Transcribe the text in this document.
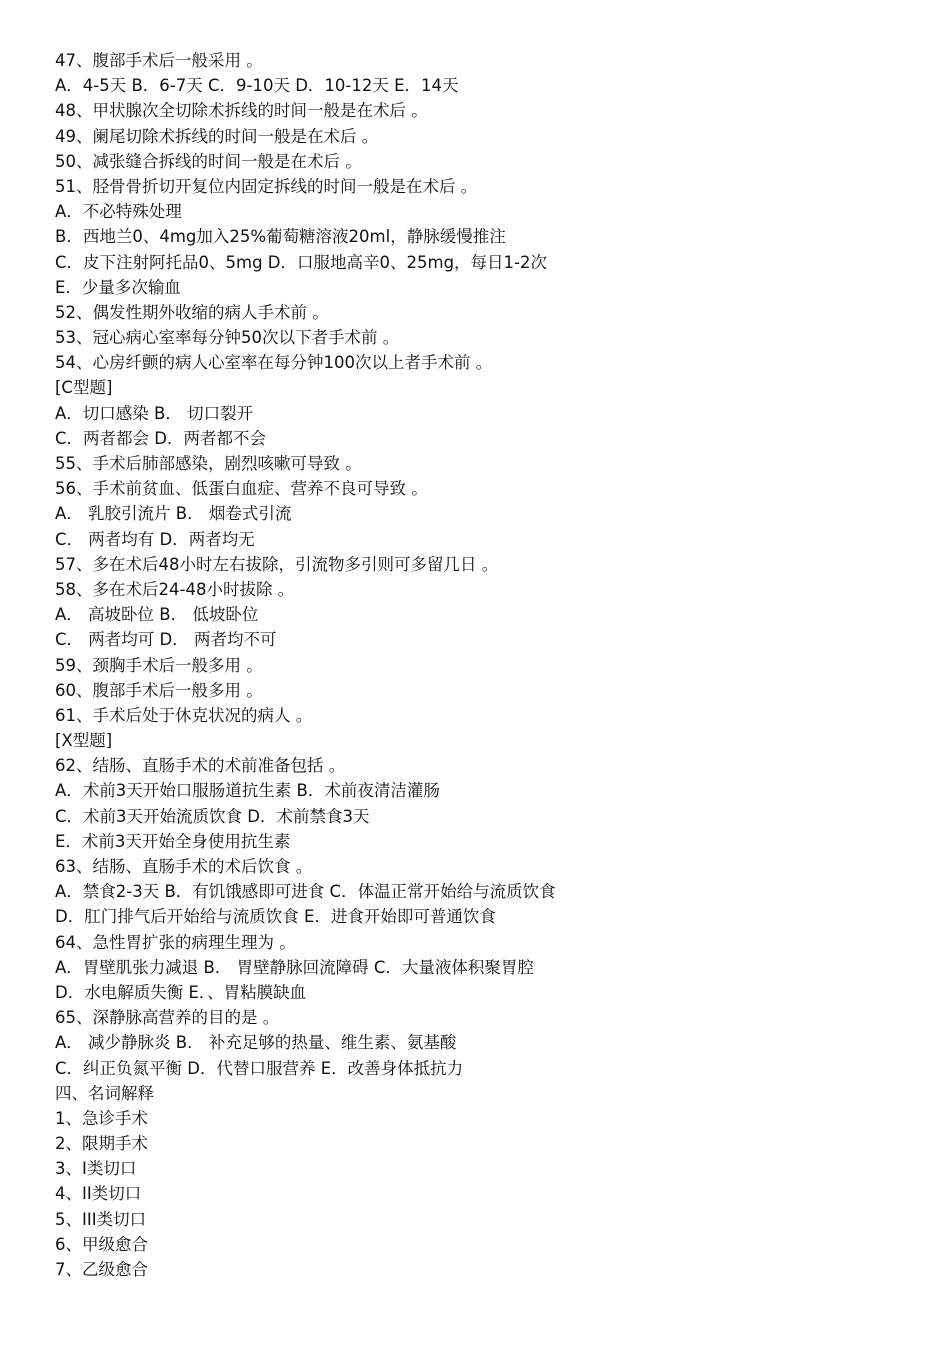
47、腹部手术后一般采用 。
A．4-5天 B．6-7天 C．9-10天 D．10-12天 E．14天
48、甲状腺次全切除术拆线的时间一般是在术后 。
49、阑尾切除术拆线的时间一般是在术后 。
50、减张缝合拆线的时间一般是在术后 。
51、胫骨骨折切开复位内固定拆线的时间一般是在术后 。
A．不必特殊处理
B．西地兰0、4mg加入25%葡萄糖溶液20ml，静脉缓慢推注
C．皮下注射阿托品0、5mg D．口服地高辛0、25mg，每日1-2次
E．少量多次输血
52、偶发性期外收缩的病人手术前 。
53、冠心病心室率每分钟50次以下者手术前 。
54、心房纤颤的病人心室率在每分钟100次以上者手术前 。
[C型题]
A．切口感染 B． 切口裂开
C．两者都会 D．两者都不会
55、手术后肺部感染，剧烈咳嗽可导致 。
56、手术前贫血、低蛋白血症、营养不良可导致 。
A． 乳胶引流片 B． 烟卷式引流
C． 两者均有 D．两者均无
57、多在术后48小时左右拔除，引流物多引则可多留几日 。
58、多在术后24-48小时拔除 。
A． 高坡卧位 B． 低坡卧位
C． 两者均可 D． 两者均不可
59、颈胸手术后一般多用 。
60、腹部手术后一般多用 。
61、手术后处于休克状况的病人 。
[X型题]
62、结肠、直肠手术的术前准备包括 。
A．术前3天开始口服肠道抗生素 B．术前夜清洁灌肠
C．术前3天开始流质饮食 D．术前禁食3天
E．术前3天开始全身使用抗生素
63、结肠、直肠手术的术后饮食 。
A．禁食2-3天 B．有饥饿感即可进食 C．体温正常开始给与流质饮食
D．肛门排气后开始给与流质饮食 E．进食开始即可普通饮食
64、急性胃扩张的病理生理为 。
A．胃壁肌张力减退 B． 胃壁静脉回流障碍 C．大量液体积聚胃腔
D．水电解质失衡 E．、胃粘膜缺血
65、深静脉高营养的目的是 。
A． 减少静脉炎 B． 补充足够的热量、维生素、氨基酸
C．纠正负氮平衡 D．代替口服营养 E．改善身体抵抗力
四、名词解释
1、急诊手术
2、限期手术
3、I类切口
4、II类切口
5、III类切口
6、甲级愈合
7、乙级愈合
